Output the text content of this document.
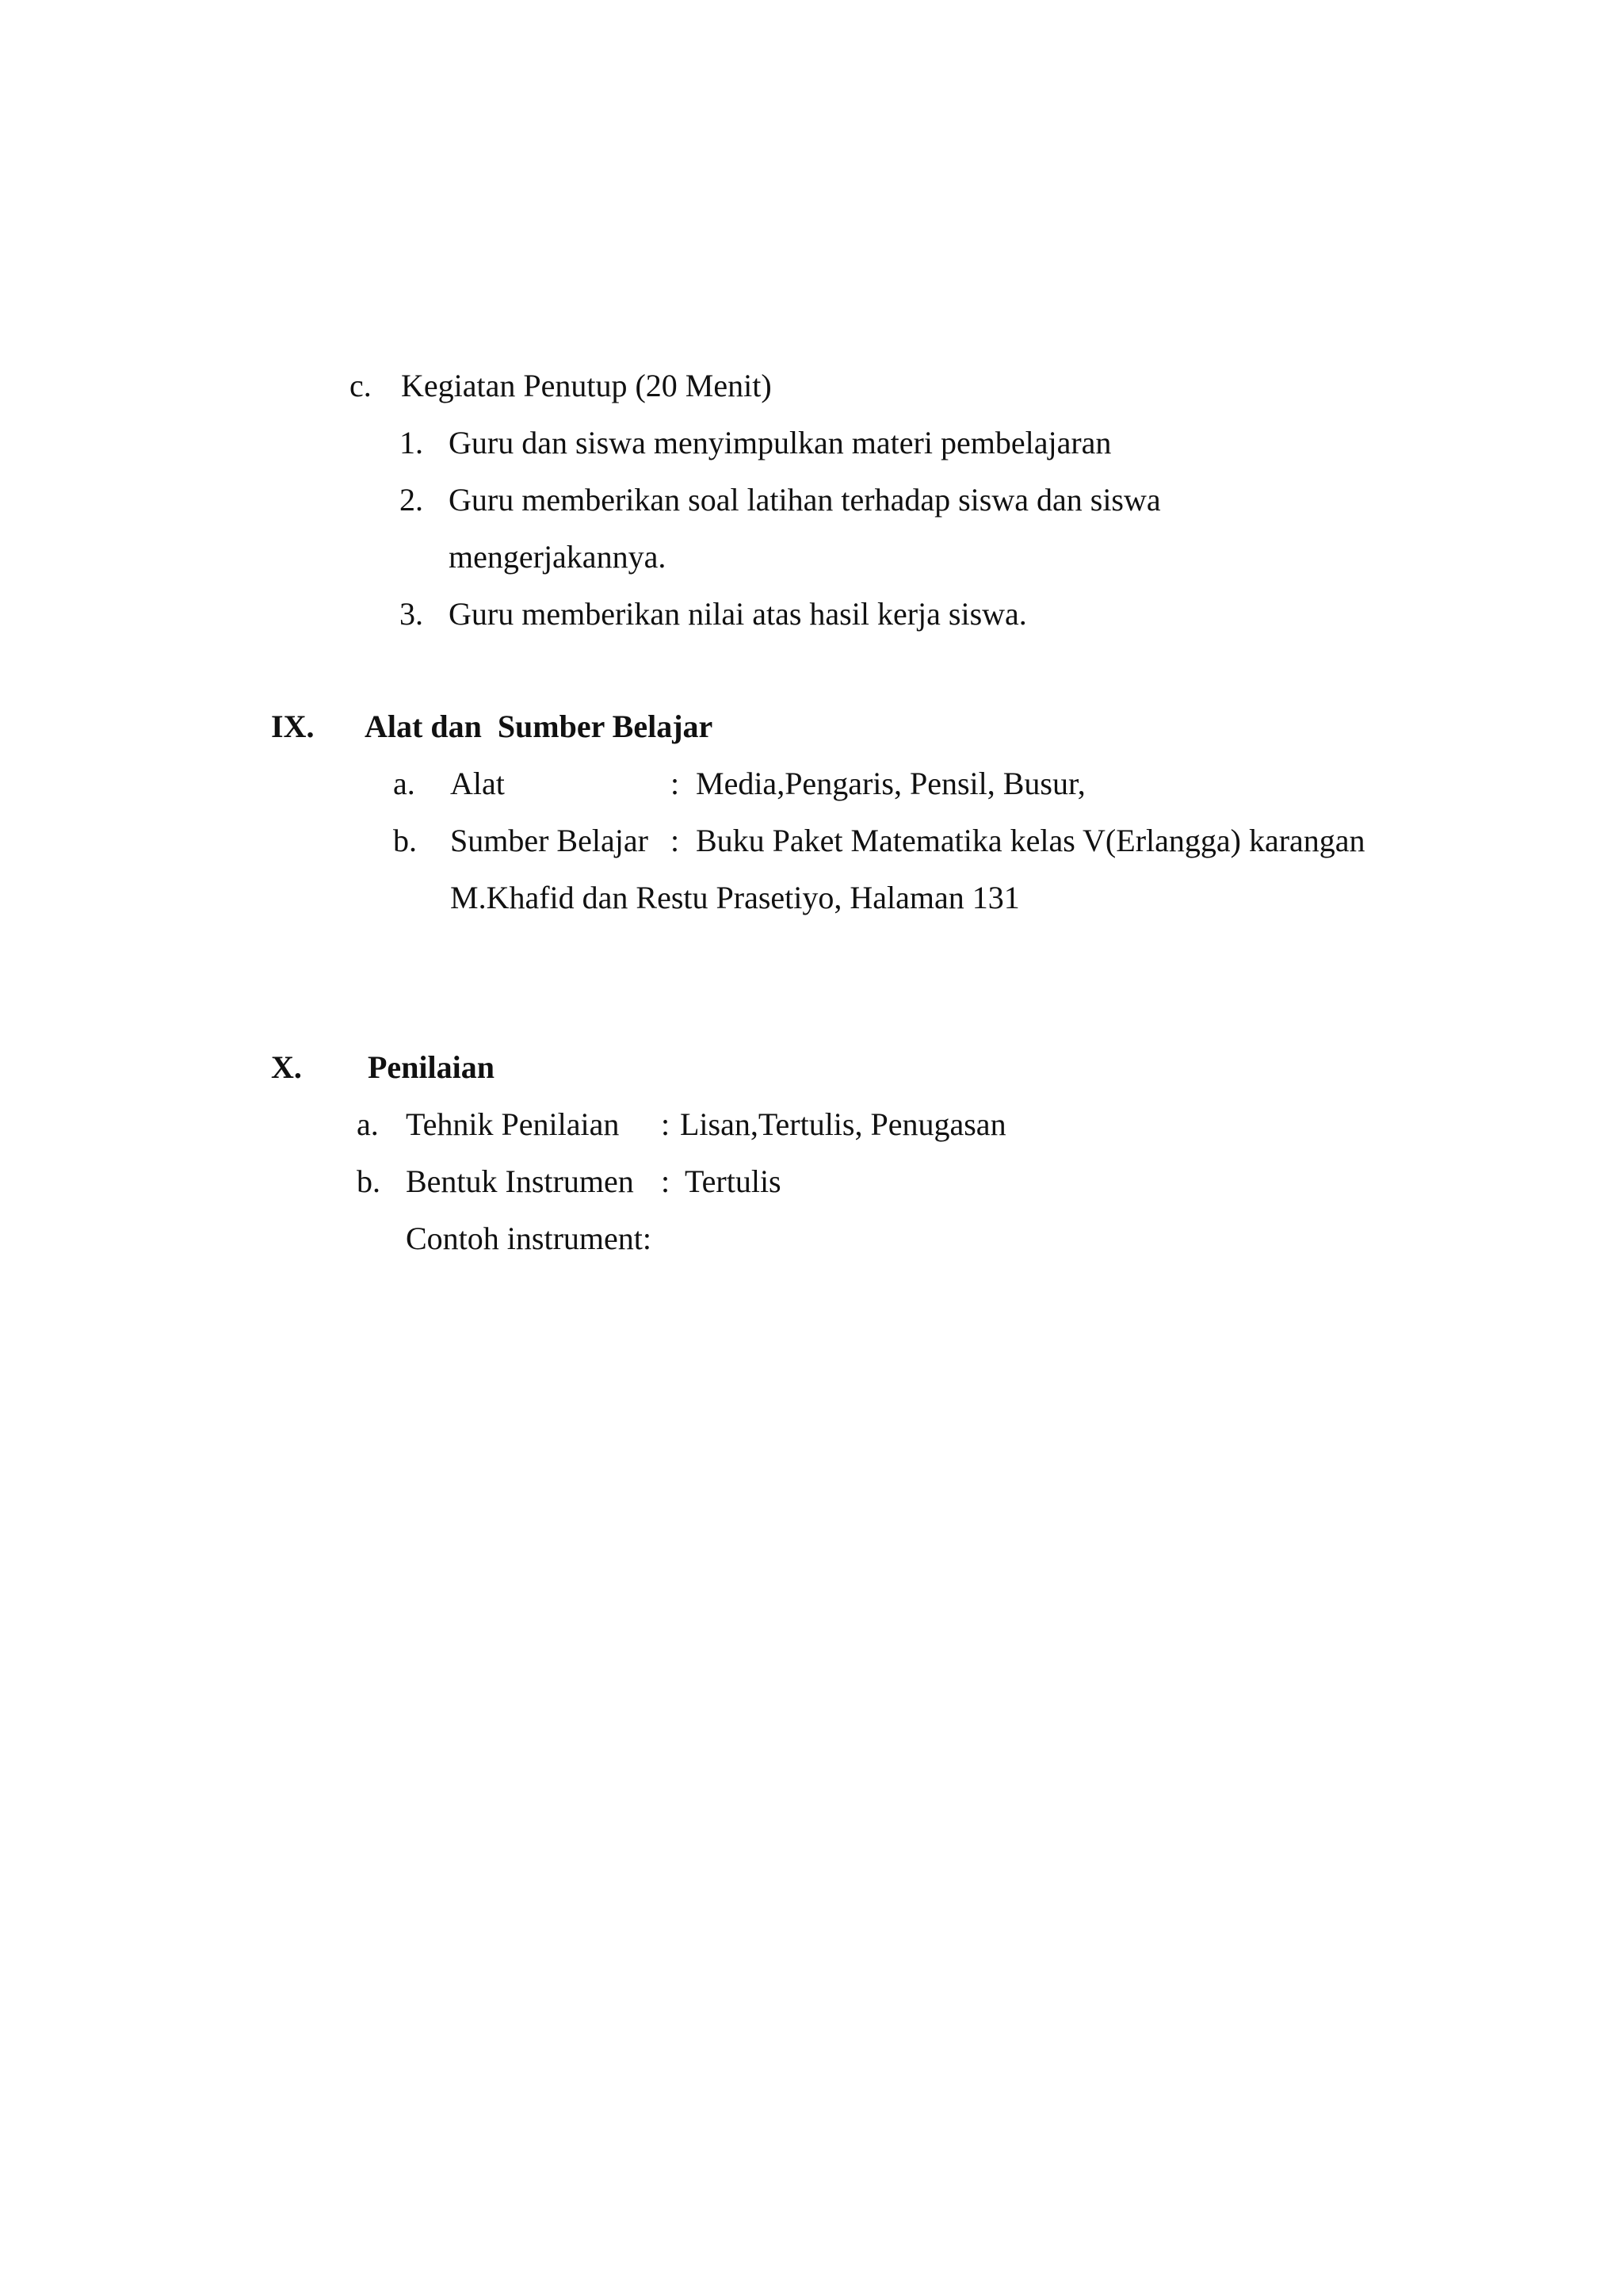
c. Kegiatan Penutup (20 Menit)
1. Guru dan siswa menyimpulkan materi pembelajaran
2. Guru memberikan soal latihan terhadap siswa dan siswa
mengerjakannya.
3. Guru memberikan nilai atas hasil kerja siswa.
IX. Alat dan  Sumber Belajar
a. Alat	: Media,Pengaris, Pensil, Busur,
b. Sumber Belajar : Buku Paket Matematika kelas V(Erlangga) karangan
M.Khafid dan Restu Prasetiyo, Halaman 131
X. Penilaian
a. Tehnik Penilaian : Lisan,Tertulis, Penugasan
b. Bentuk Instrumen : Tertulis
Contoh instrument:
